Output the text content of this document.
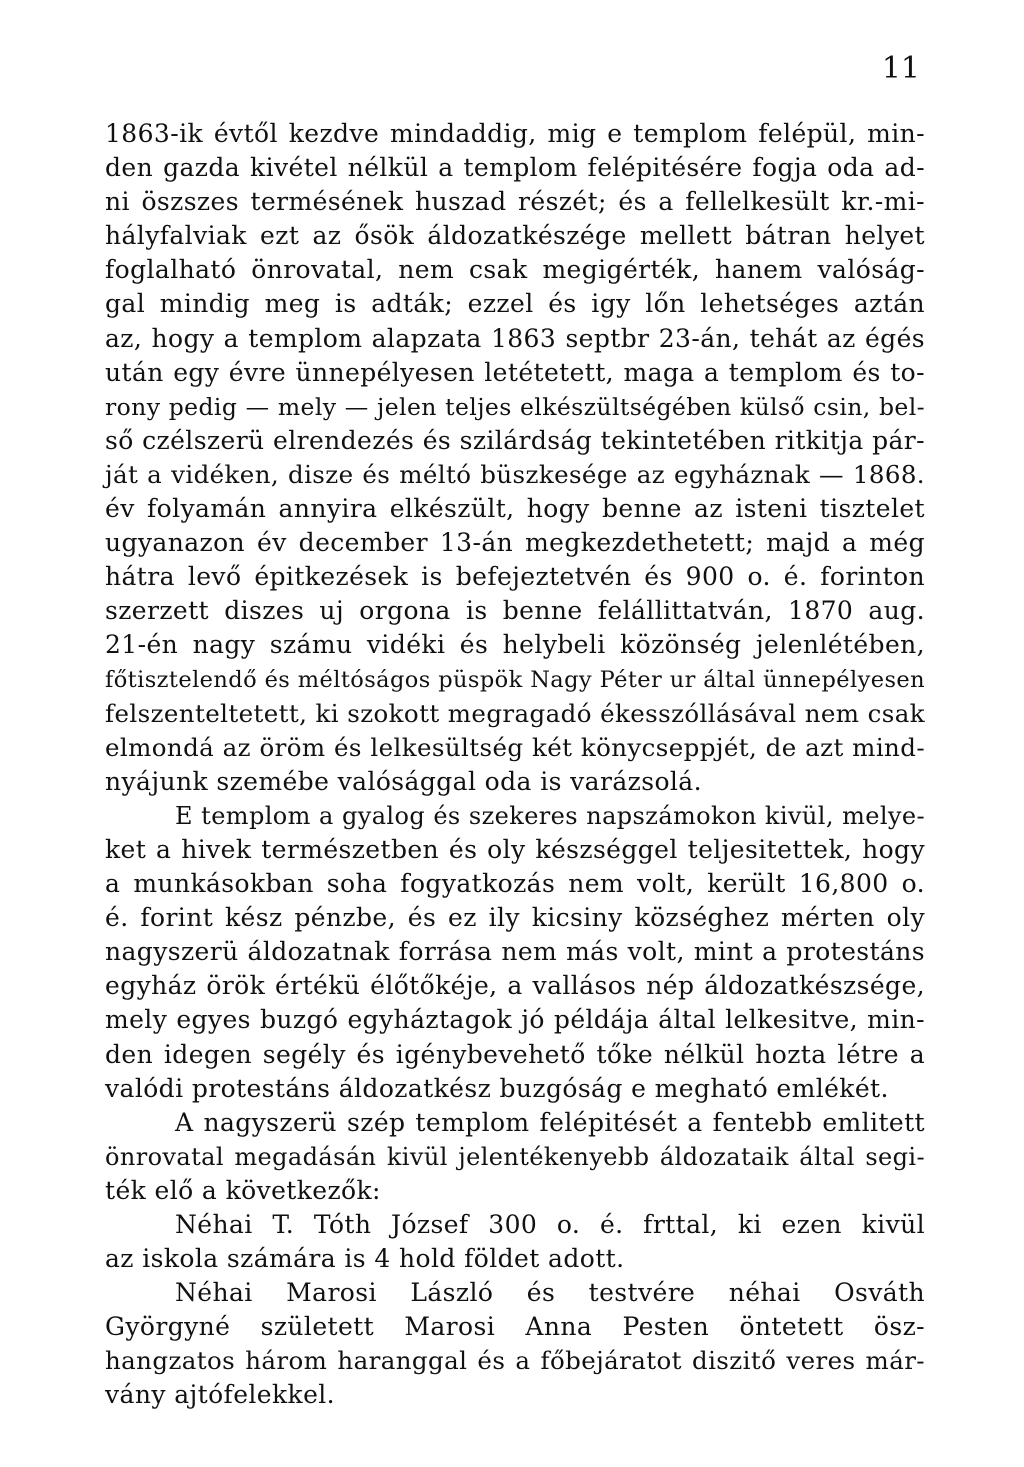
11
1863-ik évtől kezdve mindaddig, mig e templom felépül, min-
den gazda kivétel nélkül a templom felépitésére fogja oda ad-
ni öszszes termésének huszad részét; és a fellelkesült kr.-mi-
hályfalviak ezt az ősök áldozatkészége mellett bátran helyet
foglalható önrovatal, nem csak megigérték, hanem valóság-
gal mindig meg is adták; ezzel és igy lőn lehetséges aztán
az, hogy a templom alapzata 1863 septbr 23-án, tehát az égés
után egy évre ünnepélyesen letétetett, maga a templom és to-
rony pedig — mely — jelen teljes elkészültségében külső csin, bel-
ső czélszerü elrendezés és szilárdság tekintetében ritkitja pár-
ját a vidéken, disze és méltó büszkesége az egyháznak — 1868.
év folyamán annyira elkészült, hogy benne az isteni tisztelet
ugyanazon év december 13-án megkezdethetett; majd a még
hátra levő épitkezések is befejeztetvén és 900 o. é. forinton
szerzett diszes uj orgona is benne felállittatván, 1870 aug.
21-én nagy számu vidéki és helybeli közönség jelenlétében,
főtisztelendő és méltóságos püspök Nagy Péter ur által ünnepélyesen
felszenteltetett, ki szokott megragadó ékesszóllásával nem csak
elmondá az öröm és lelkesültség két könycseppjét, de azt mind-
nyájunk szemébe valósággal oda is varázsolá.
E templom a gyalog és szekeres napszámokon kivül, melye-
ket a hivek természetben és oly készséggel teljesitettek, hogy
a munkásokban soha fogyatkozás nem volt, került 16,800 o.
é. forint kész pénzbe, és ez ily kicsiny községhez mérten oly
nagyszerü áldozatnak forrása nem más volt, mint a protestáns
egyház örök értékü élőtőkéje, a vallásos nép áldozatkészsége,
mely egyes buzgó egyháztagok jó példája által lelkesitve, min-
den idegen segély és igénybevehető tőke nélkül hozta létre a
valódi protestáns áldozatkész buzgóság e megható emlékét.
A nagyszerü szép templom felépitését a fentebb emlitett
önrovatal megadásán kivül jelentékenyebb áldozataik által segi-
ték elő a következők:
Néhai T. Tóth József 300 o. é. frttal, ki ezen kivül
az iskola számára is 4 hold földet adott.
Néhai Marosi László és testvére néhai Osváth
Györgyné született Marosi Anna Pesten öntetett ösz-
hangzatos három haranggal és a főbejáratot diszitő veres már-
vány ajtófelekkel.
